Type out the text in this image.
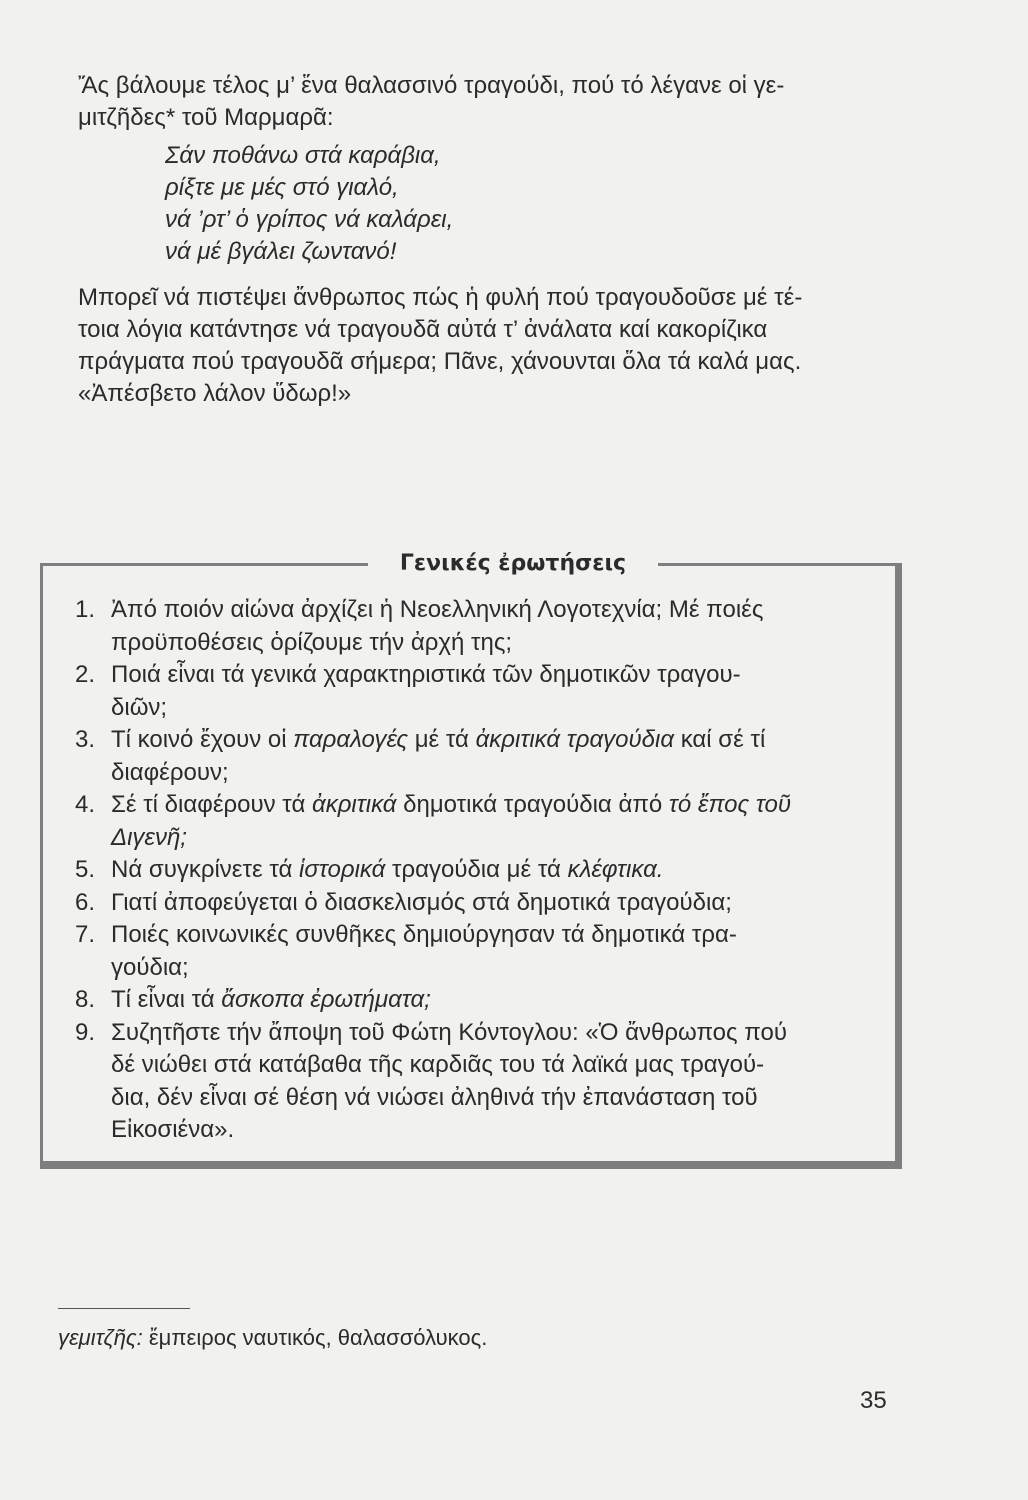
Ἄς βάλουμε τέλος μ’ ἕνα θαλασσινό τραγούδι, πού τό λέγανε οἱ γε-
μιτζῆδες* τοῦ Μαρμαρᾶ:
Σάν ποθάνω στά καράβια,
ρίξτε με μές στό γιαλό,
νά ’ρτ’ ὁ γρίπος νά καλάρει,
νά μέ βγάλει ζωντανό!
Μπορεῖ νά πιστέψει ἄνθρωπος πώς ἡ φυλή πού τραγουδοῦσε μέ τέ-
τοια λόγια κατάντησε νά τραγουδᾶ αὐτά τ’ ἀνάλατα καί κακορίζικα
πράγματα πού τραγουδᾶ σήμερα; Πᾶνε, χάνουνται ὅλα τά καλά μας.
«Ἀπέσβετο λάλον ὕδωρ!»
Γενικές ἐρωτήσεις
1. Ἀπό ποιόν αἰώνα ἀρχίζει ἡ Νεοελληνική Λογοτεχνία; Μέ ποιές
προϋποθέσεις ὁρίζουμε τήν ἀρχή της;
2. Ποιά εἶναι τά γενικά χαρακτηριστικά τῶν δημοτικῶν τραγου-
διῶν;
3. Τί κοινό ἔχουν οἱ παραλογές μέ τά ἀκριτικά τραγούδια καί σέ τί
διαφέρουν;
4. Σέ τί διαφέρουν τά ἀκριτικά δημοτικά τραγούδια ἀπό τό ἔπος τοῦ
Διγενῆ;
5. Νά συγκρίνετε τά ἱστορικά τραγούδια μέ τά κλέφτικα.
6. Γιατί ἀποφεύγεται ὁ διασκελισμός στά δημοτικά τραγούδια;
7. Ποιές κοινωνικές συνθῆκες δημιούργησαν τά δημοτικά τρα-
γούδια;
8. Τί εἶναι τά ἄσκοπα ἐρωτήματα;
9. Συζητῆστε τήν ἄποψη τοῦ Φώτη Κόντογλου: «Ὁ ἄνθρωπος πού
δέ νιώθει στά κατάβαθα τῆς καρδιᾶς του τά λαϊκά μας τραγού-
δια, δέν εἶναι σέ θέση νά νιώσει ἀληθινά τήν ἐπανάσταση τοῦ
Εἰκοσιένα».
γεμιτζῆς: ἔμπειρος ναυτικός, θαλασσόλυκος.
35
